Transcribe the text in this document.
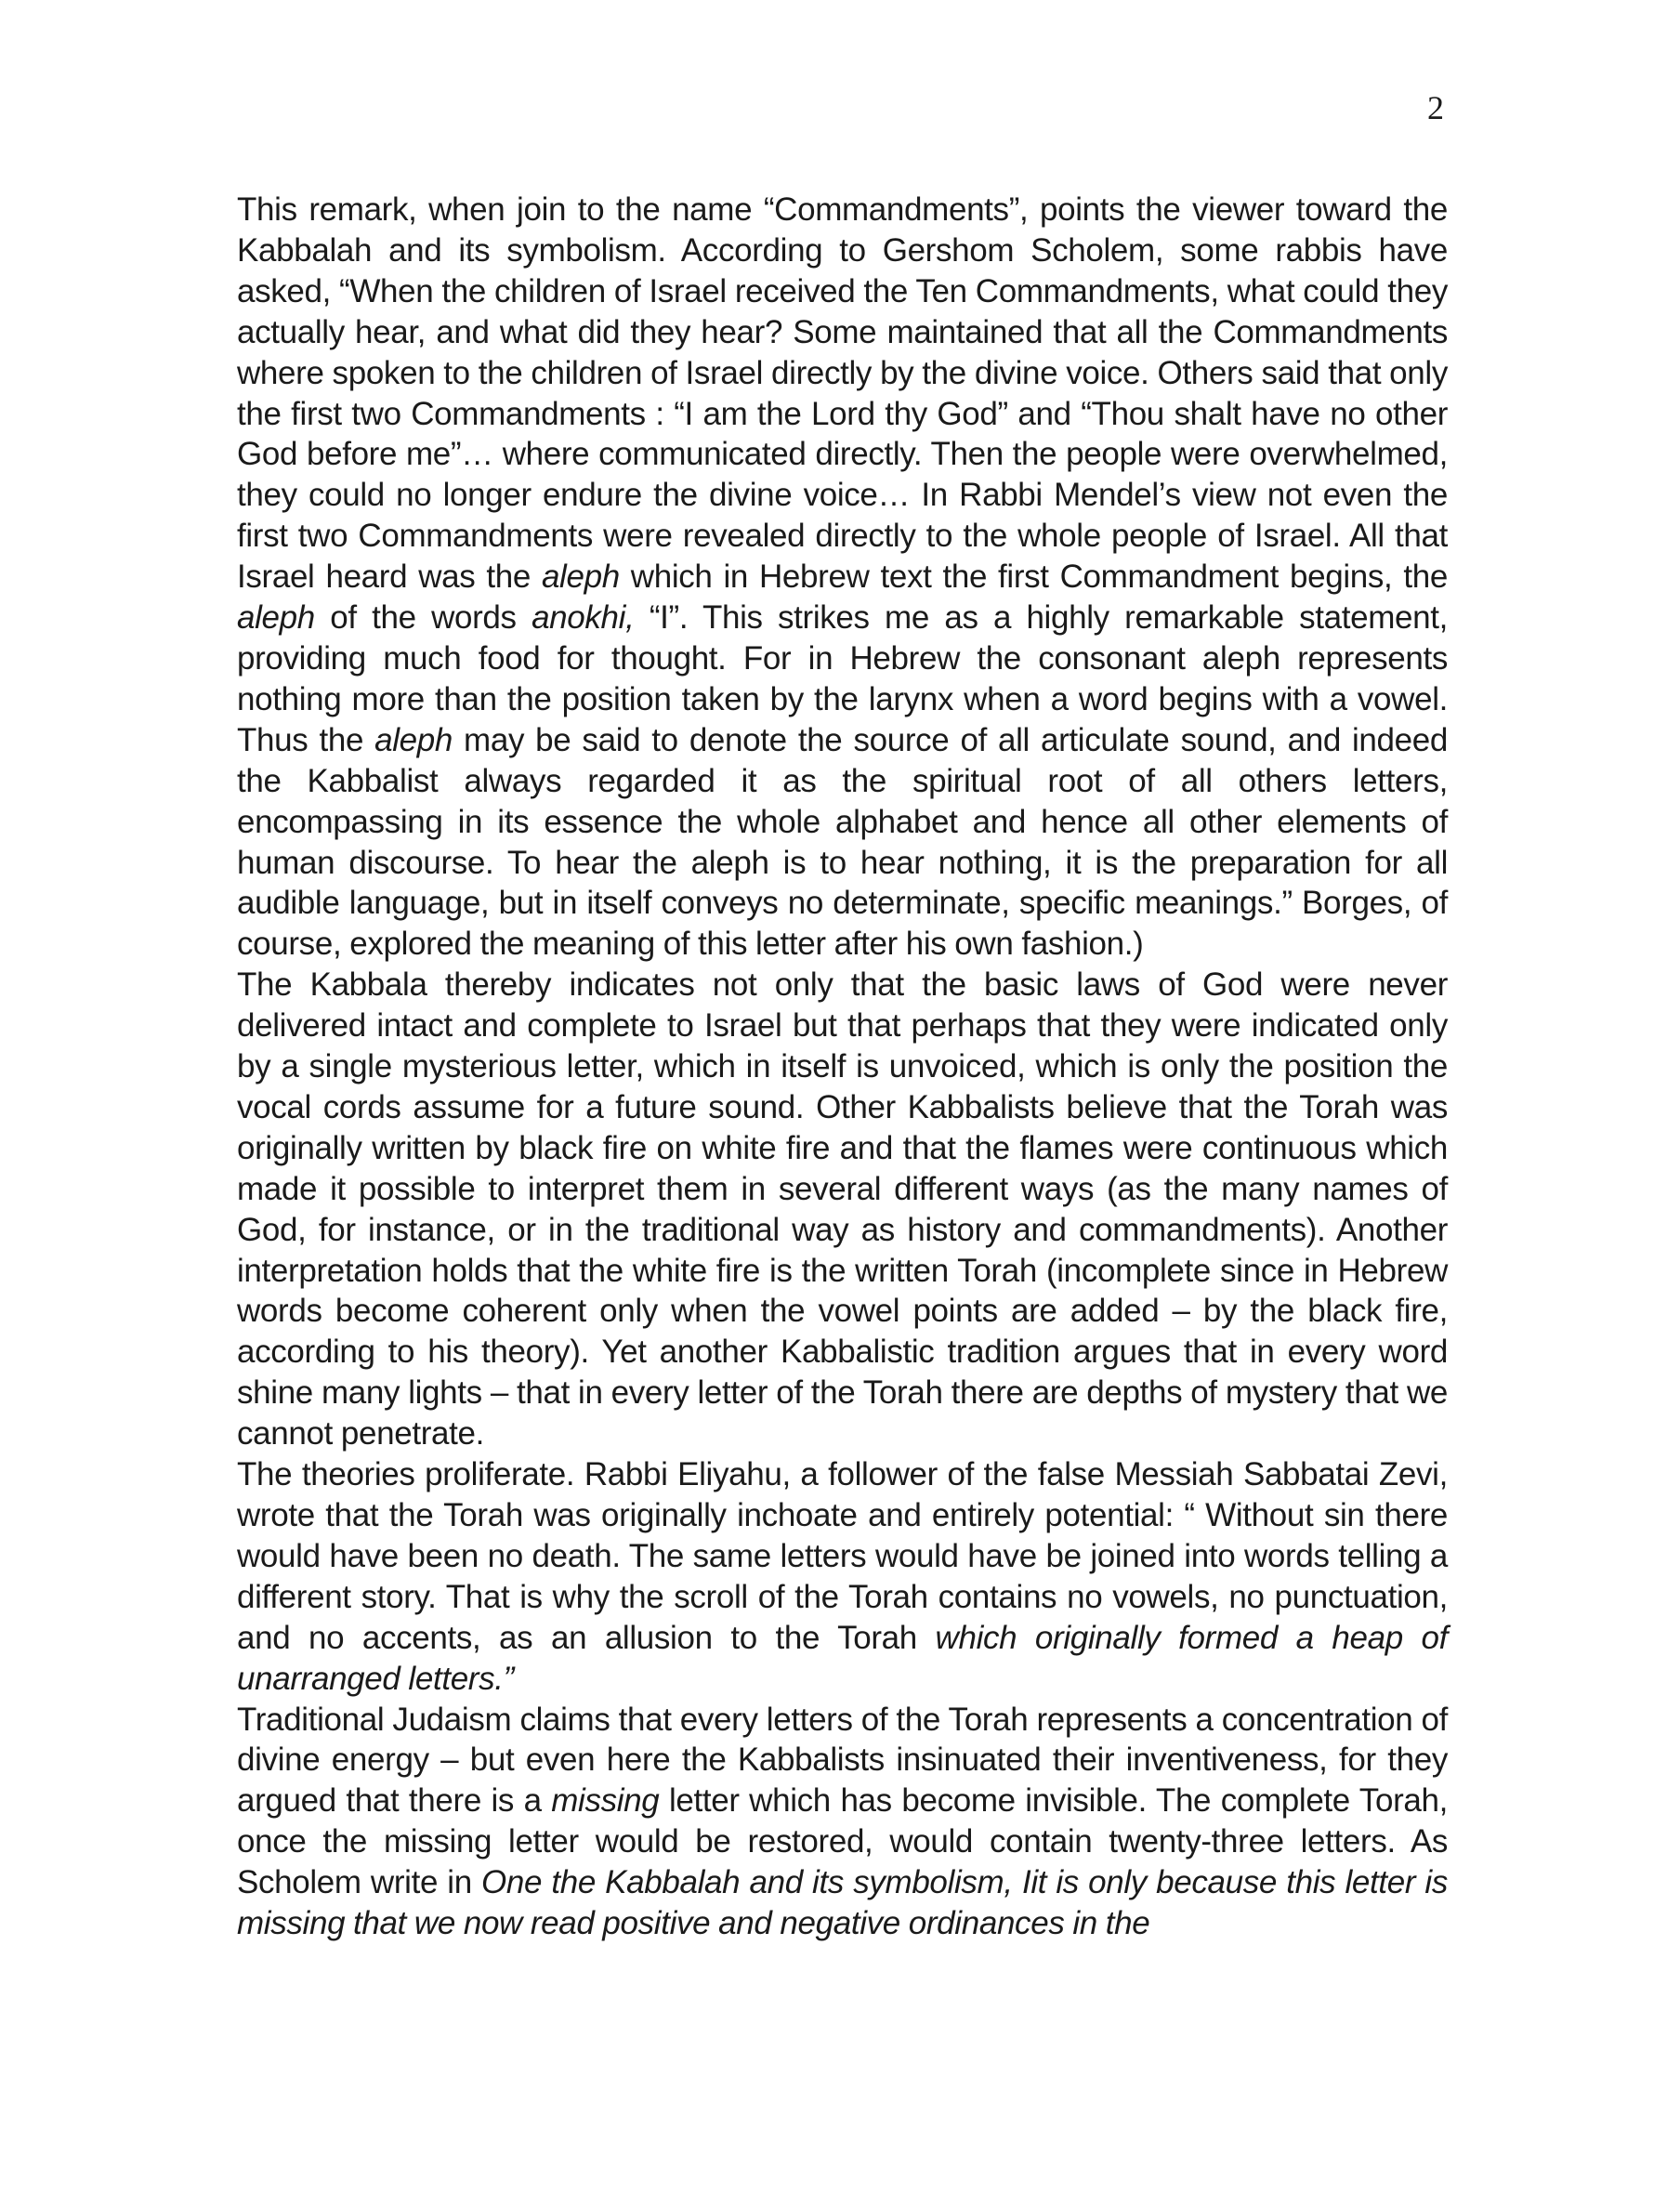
2

This remark, when join to the name “Commandments”, points the viewer toward the Kabbalah and its symbolism. According to Gershom Scholem, some rabbis have asked, “When the children of Israel received the Ten Commandments, what could they actually hear, and what did they hear? Some maintained that all the Commandments where spoken to the children of Israel directly by the divine voice. Others said that only the first two Commandments : “I am the Lord thy God” and “Thou shalt have no other God before me”… where communicated directly. Then the people were overwhelmed, they could no longer endure the divine voice… In Rabbi Mendel’s view not even the first two Commandments were revealed directly to the whole people of Israel. All that Israel heard was the aleph which in Hebrew text the first Commandment begins, the aleph of the words anokhi, “I”. This strikes me as a highly remarkable statement, providing much food for thought. For in Hebrew the consonant aleph represents nothing more than the position taken by the larynx when a word begins with a vowel. Thus the aleph may be said to denote the source of all articulate sound, and indeed the Kabbalist always regarded it as the spiritual root of all others letters, encompassing in its essence the whole alphabet and hence all other elements of human discourse. To hear the aleph is to hear nothing, it is the preparation for all audible language, but in itself conveys no determinate, specific meanings.” Borges, of course, explored the meaning of this letter after his own fashion.)

The Kabbala thereby indicates not only that the basic laws of God were never delivered intact and complete to Israel but that perhaps that they were indicated only by a single mysterious letter, which in itself is unvoiced, which is only the position the vocal cords assume for a future sound. Other Kabbalists believe that the Torah was originally written by black fire on white fire and that the flames were continuous which made it possible to interpret them in several different ways (as the many names of God, for instance, or in the traditional way as history and commandments). Another interpretation holds that the white fire is the written Torah (incomplete since in Hebrew words become coherent only when the vowel points are added – by the black fire, according to his theory). Yet another Kabbalistic tradition argues that in every word shine many lights – that in every letter of the Torah there are depths of mystery that we cannot penetrate.

The theories proliferate. Rabbi Eliyahu, a follower of the false Messiah Sabbatai Zevi, wrote that the Torah was originally inchoate and entirely potential: “ Without sin there would have been no death. The same letters would have be joined into words telling a different story. That is why the scroll of the Torah contains no vowels, no punctuation, and no accents, as an allusion to the Torah which originally formed a heap of unarranged letters.”

Traditional Judaism claims that every letters of the Torah represents a concentration of divine energy – but even here the Kabbalists insinuated their inventiveness, for they argued that there is a missing letter which has become invisible. The complete Torah, once the missing letter would be restored, would contain twenty-three letters. As Scholem write in One the Kabbalah and its symbolism, Iit is only because this letter is missing that we now read positive and negative ordinances in the
